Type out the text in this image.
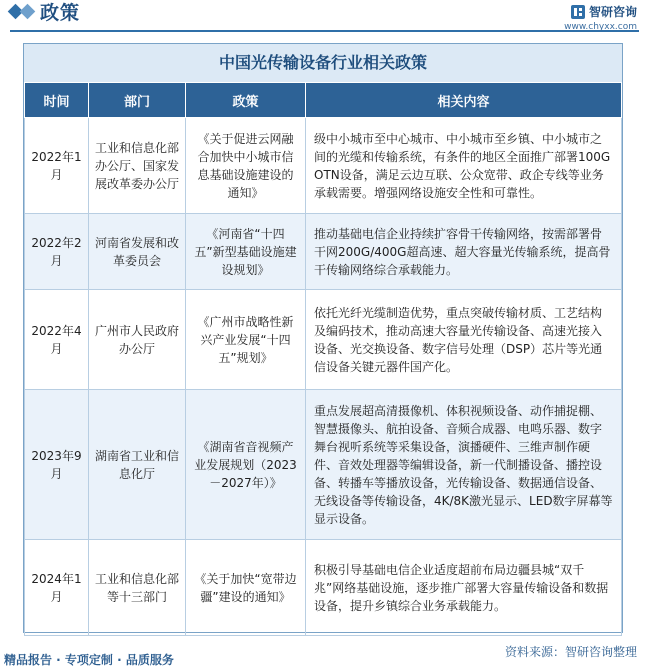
政策	智研咨询
www.chyxx.com
中国光传输设备行业相关政策
时间	部门	政策	相关内容
2022年1月	工业和信息化部办公厅、国家发展改革委办公厅	《关于促进云网融合加快中小城市信息基础设施建设的通知》	级中小城市至中心城市、中小城市至乡镇、中小城市之间的光缆和传输系统，有条件的地区全面推广部署100G OTN设备，满足云边互联、公众宽带、政企专线等业务承载需要。增强网络设施安全性和可靠性。
2022年2月	河南省发展和改革委员会	《河南省“十四五”新型基础设施建设规划》	推动基础电信企业持续扩容骨干传输网络，按需部署骨干网200G/400G超高速、超大容量光传输系统，提高骨干传输网络综合承载能力。
2022年4月	广州市人民政府办公厅	《广州市战略性新兴产业发展“十四五”规划》	依托光纤光缆制造优势，重点突破传输材质、工艺结构及编码技术，推动高速大容量光传输设备、高速光接入设备、光交换设备、数字信号处理（DSP）芯片等光通信设备关键元器件国产化。
2023年9月	湖南省工业和信息化厅	《湖南省音视频产业发展规划（2023－2027年）》	重点发展超高清摄像机、体积视频设备、动作捕捉棚、智慧摄像头、航拍设备、音频合成器、电鸣乐器、数字舞台视听系统等采集设备，演播硬件、三维声制作硬件、音效处理器等编辑设备，新一代制播设备、播控设备、转播车等播放设备，光传输设备、数据通信设备、无线设备等传输设备，4K/8K激光显示、LED数字屏幕等显示设备。
2024年1月	工业和信息化部等十三部门	《关于加快“宽带边疆”建设的通知》	积极引导基础电信企业适度超前布局边疆县城“双千兆”网络基础设施，逐步推广部署大容量传输设备和数据设备，提升乡镇综合业务承载能力。
精品报告 · 专项定制 · 品质服务
资料来源：智研咨询整理
